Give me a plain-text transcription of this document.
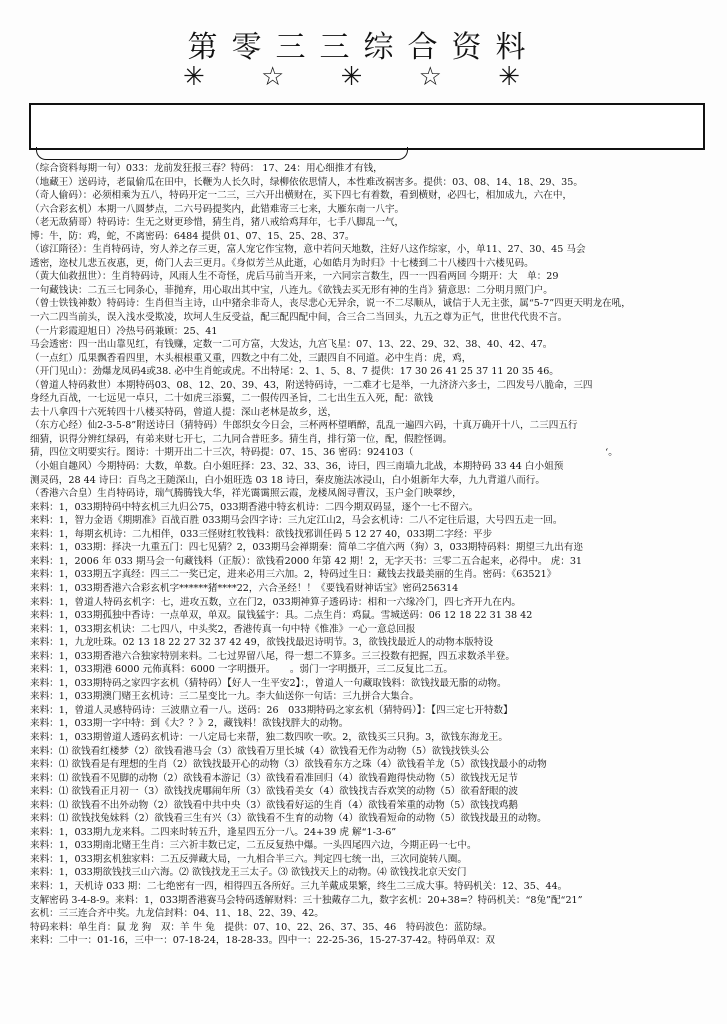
第零三三综合资料
✳ ☆ ✳ ☆ ✳
（综合资料每期一句）033：龙前发狂报三春？特码： 17、24：用心细推才有钱，
（地藏王）送码诗，老鼠偷瓜在田中，长鞭为人长久时，绿柳依依思情人，本性难改祸害多。提供：03、08、14、18、29、35。
（奇人偷码）：必须相乘为五八，特码开定一二三，三六开出横财在，买下四七有着数，看到横财，必四七，相加成九，六在中，
（六合彩玄机）本期一八圆梦点，二六号码提奖内，此错难寄三七来，大雁东南一八宇。
（老无敌猜哥）特码诗：生无之财更珍惜，猜生肖，猪八戒给鸡拜年，七手八脚乱一气，
博：牛，防：鸡，蛇，不离密码：6484 提供 01、07、15、25、28、37。
（谚江隋径）：生肖特码诗，穷人养之存三更，富人宠它作宝物，意中若问天地数，注好八这作综家，小，单11、27、30、45 马会
透密，迩杖儿悲五夜惠，更，倚门人去三更月。《身似芳兰从此逝，心如皓月为时归》十七楼到二十八楼四十六楼见码。
（黄大仙救扭世）：生肖特码诗，风雨人生不奇怪，虎后马前当开来，一六同宗言数生，四一一四看两回 今期开：大　单：29
一句藏钱诀：二五三七同条心，菲抛弃，用心取出其中宝，八连九。《欲钱去买无形有神的生肖》猜意思：二分明月照门户。
（曾士铁钱神数）特码诗：生肖但当主诗，山中猪余非奇人，丧尽悲心无异余，说一不二尽顺从，诚信于人无主张，属“5-7”四更天明龙在吼，
一六二四当前头，误入浅水受欺凌，坎坷人生反受益，配三配四配中间，合三合二当回头，九五之尊为正气，世世代代贵不言。
（一片彩霞迎旭日）冷热号码兼顾：25、41
马会透密：四一出山靠见红，有钱赚，定数一二可方富，大发达，九宫飞星：07、13、22、29、32、38、40、42、47。
（一点红）瓜果飘香看四里，木头根根重又重，四数之中有二处，三跟四自不同道。必中生肖：虎，鸡，
（开门见山）：劲爆龙凤码4或38. 必中生肖蛇或虎。不出特尾：2、1、5、8、7 提供：17 30 26 41 25 37 11 20 35 46。
（曾道人特码救世）本期特码03、08、12、20、39、43，附送特码诗，一二难才七是举，一九济济六多士，二四发号八脆命，三四
身经九百战，一七远见一卓只，二十如虎三添翼，二一假传四圣旨，二七出生五入死，配：欲钱
去十八拿四十六死转四十八楼买特码，曾道人提：深山老林是故乡，送，
（东方心经）仙2-3-5-8”附送诗曰（猜特码）牛郎织女今日会，三杯两杯望晒醉，乱乱一遍四六码，十真万确开十八，二三四五行
细猜，识得分辨红绿码，有弟来财七开七，二九同合普旺多。猜生肖，排行第一位，配，假腔怪调。
猜，四位文明要实行。图诗：十期开出二十三次，特码提：07、15、36 密码：924103（　　　　　　　　　　　　　　　　　　　　‘。
（小姐自趣风）今期特码：大数，单数。白小姐旺择：23、32、33、36，诗曰，四三南墙九北战，本期特码 33 44 白小姐预
测灵码，28 44 诗曰：百鸟之王随深山，白小姐旺选 03 18 诗曰，秦皮施法冰浸山，白小姐新年大奉，九九背道八而行。
（香港六合皇）生肖特码诗，瑞气腾腾钱大华，祥光霭霭照云霞，龙楼凤阁寻曹汉，玉户金门映翠纱，
来料：1，033期特码中特玄机三九归公75，033期香港中特玄机诗：二四今期双码显，逐个一七不留六。
来料：1，智力金语《期期准》百战百胜 033期马会四字诗：三九定江山2，马会玄机诗：二八不定往后退，大号四五走一回。
来料：1，每期玄机诗：二九相伴，033三怪财红牧钱料：欲钱找邪训任码 5 12 27 40，033期二字经：平步
来料：1，033期：择决一九重五门：四七见猜？2，033期马会禅期秦：简单二字值六两（狗）3，033期特码料：期望三九出有迩
来料：1，2006 年 033 期马会一句藏钱料（正版）：欲钱看2000 年第 42 期！2，无字天书：三零二五合起来，必得中。 虎：31
来料：1，033期五字真经：四三二一奖已定，进来必用三六加。2，特码过生日：藏钱去找最美丽的生肖。密码：《63521》
来料：1，033期香港六合彩玄机字******猪****22，六合圣经！！《要钱看财神话宝》密码256314
来料：1，曾道人特码玄机字：七，进攻五数，立在门2，033期神算子透码诗：相和一六缘冷门，四七齐开九在内。
来料：1，033期孤独中香诗：一点单双，单双。鼠钱猛宇：具。二点生肖：鸡鼠。雪城送码：06 12 18 22 31 38 42
来料：1，033期玄机诀：二七四八，中头奖2，香港传真一句中特《惟准》一心一意总回报
来料：1，九龙吐珠。02 13 18 22 27 32 37 42 49，欲钱找最迟诗明节。3，欲钱找最近人的动物本版特设
来料：1，033期香港六合独家特别来料。二七过界留八尾，得一想二不算多。三三投数有把握，四五求数杀半登。
来料：1，033期港 6000 元佈真料：6000 一字明摄开。　　。弱门一字明摄开，三二反复比二五。
来料：1，033期特码之家四字玄机（猜特码）【好人一生平安2】：，曾道人一句藏取钱料：欲钱找最无脂的动物。
来料：1，033期澳门赌王玄机诗：三二星变比一九。李大仙送你一句话：三九拼合大集合。
来料：1，曾道人灵感特码诗：三波鼎立看一八。送码：26　033期特码之家玄机（猜特码）】：【四三定七开特数】
来料：1，033期一字中特：到《大？？》2，藏钱料！欲钱找胖大的动物。
来料：1，033期曾道人透码玄机诗：一八定局七来帮，独二数四吹一吹。2，欲钱买三只狗。3，欲钱东海龙王。
来料：⑴ 欲钱看红楼梦（2）欲钱看港马会（3）欲钱看万里长城（4）欲钱看无作为动物（5）欲钱找铁头公
来料：⑴ 欲钱看是有理想的生肖（2）欲钱找最开心的动物（3）欲钱看东方之珠（4）欲钱看羊龙（5）欲钱找最小的动物
来料：⑴ 欲钱看不见脚的动物（2）欲钱看本游记（3）欲钱看看准回归（4）欲钱看跑得快动物（5）欲钱找无足节
来料：⑴ 欲钱看正月初一（3）欲钱找虎哪闹年所（3）欲钱看美女（4）欲钱找吉吞欢笑的动物（5）欲看舒眼的波
来料：⑴ 欲钱看不出外动物（2）欲钱看中共中央（3）欲钱看好运的生肖（4）欲钱看笨重的动物（5）欲钱找鸡鹅
来料：⑴ 欲钱找兔妹料（2）欲钱看三生有兴（3）欲钱看不生育的动物（4）欲钱看短命的动物（5）欲钱找最丑的动物。
来料：1，033期九龙来料。二四来时转五升，逢星四五分一八。24+39 虎 解“1-3-6”
来料：1，033期南北赌王生肖：三六祈丰数已定，二五反复热中爆。一头四尾四六边，今期正码一七中。
来料：1，033期玄机独家料：二五反弹藏大局，一九相合半三六。判定四七统一出，三次同旋转八圈。
来料：1，033期欲钱找三山六海。⑵ 欲钱找龙王三太子。⑶ 欲钱找天上的动物。⑷ 欲钱找北京天安门
来料：1，天机诗 033 期：二七绝密有一四，相得四五各所好。三九羊戴成果繁，终生二三成大事。特码机关：12、35、44。
支解密码 3-4-8-9。来料：1，033期香港赛马会特码透解财料：三十独戴存二九，数字玄机：20+38=？特码机关：“8兔”配“21”
玄机：三三连合齐中奖。九龙信封料：04、11、18、22、39、42。
特码来料：单生肖：鼠 龙 狗　双：羊 牛 兔　提供：07、10、22、26、37、35、46　特码波色：蓝防绿。
来料：二中一：01-16，三中一：07-18-24，18-28-33。四中一：22-25-36，15-27-37-42。特码单双：双
